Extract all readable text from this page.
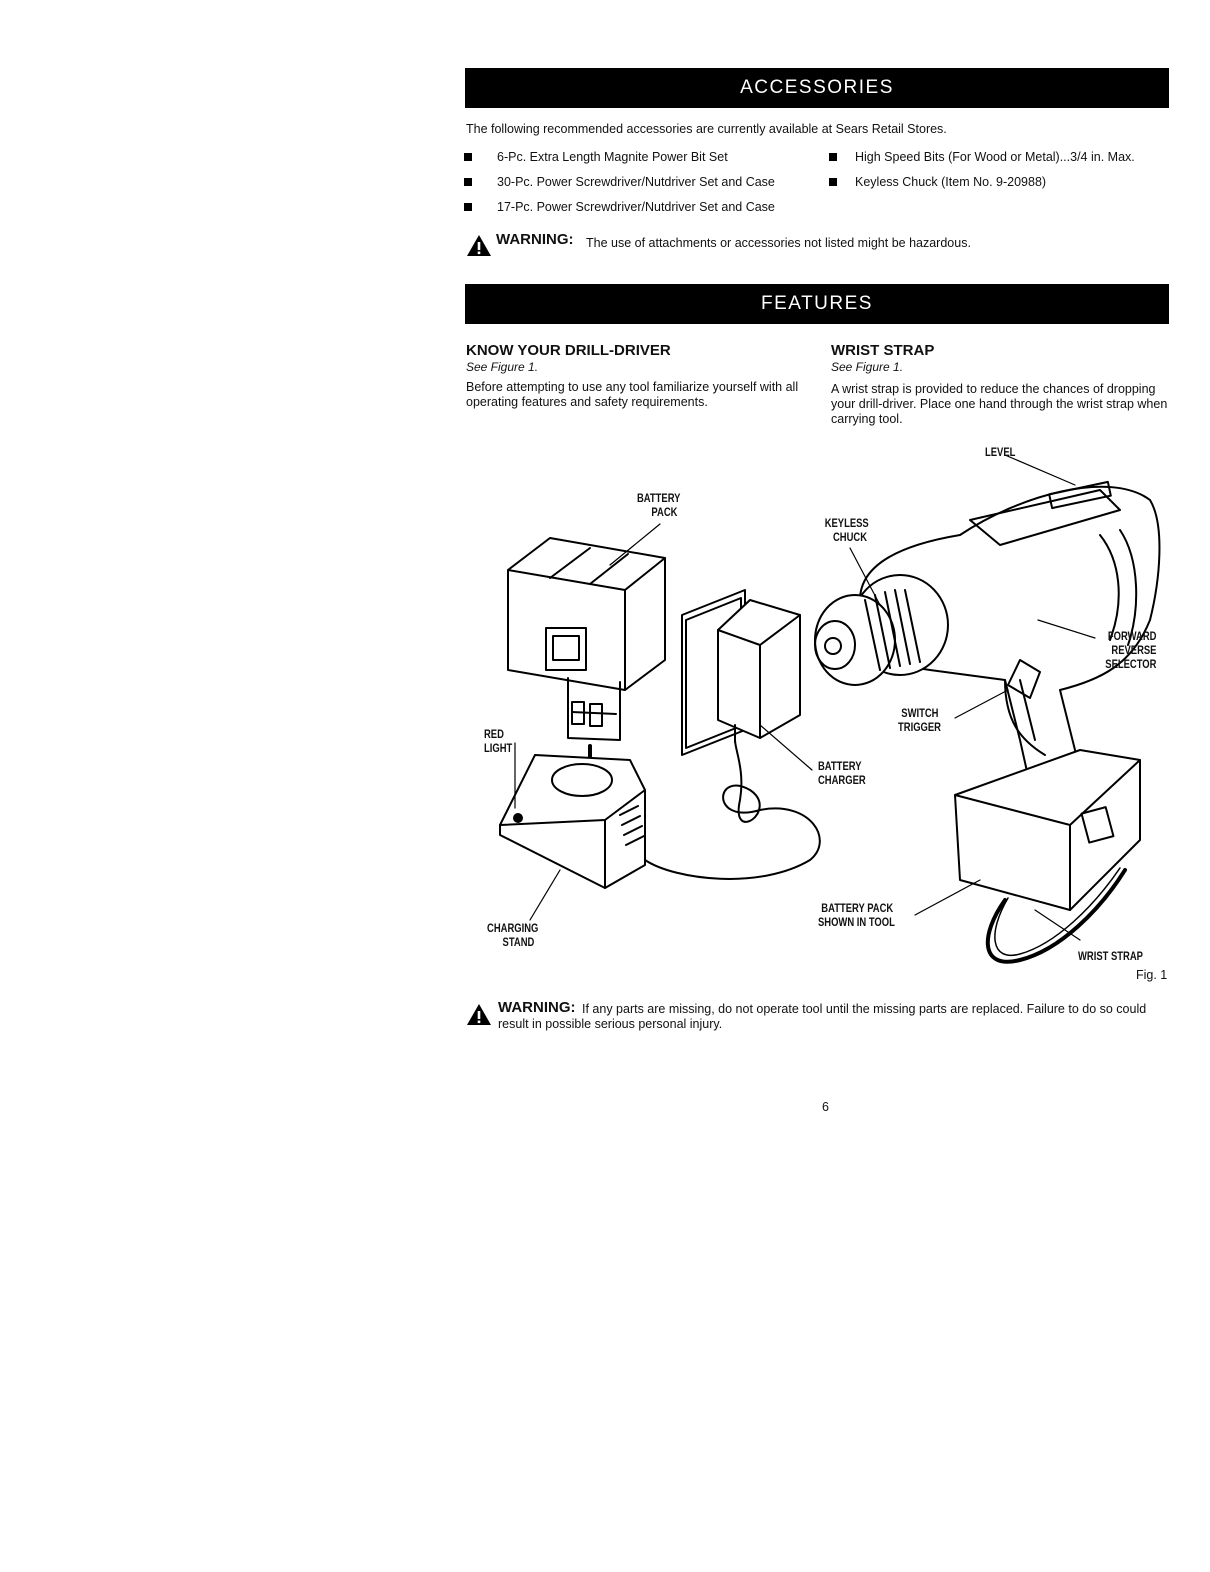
ACCESSORIES
The following recommended accessories are currently available at Sears Retail Stores.
6-Pc. Extra Length Magnite Power Bit Set
30-Pc. Power Screwdriver/Nutdriver Set and Case
17-Pc. Power Screwdriver/Nutdriver Set and Case
High Speed Bits (For Wood or Metal)...3/4 in. Max.
Keyless Chuck (Item No. 9-20988)
WARNING: The use of attachments or accessories not listed might be hazardous.
FEATURES
KNOW YOUR DRILL-DRIVER
See Figure 1.
Before attempting to use any tool familiarize yourself with all operating features and safety requirements.
WRIST STRAP
See Figure 1.
A wrist strap is provided to reduce the chances of dropping your drill-driver. Place one hand through the wrist strap when carrying tool.
BATTERY
PACK
RED
LIGHT
CHARGING
STAND
BATTERY
CHARGER
KEYLESS
CHUCK
LEVEL
FORWARD
REVERSE
SELECTOR
SWITCH
TRIGGER
BATTERY PACK
SHOWN IN TOOL
WRIST STRAP
Fig. 1
WARNING: If any parts are missing, do not operate tool until the missing parts are replaced. Failure to do so could result in possible serious personal injury.
6
